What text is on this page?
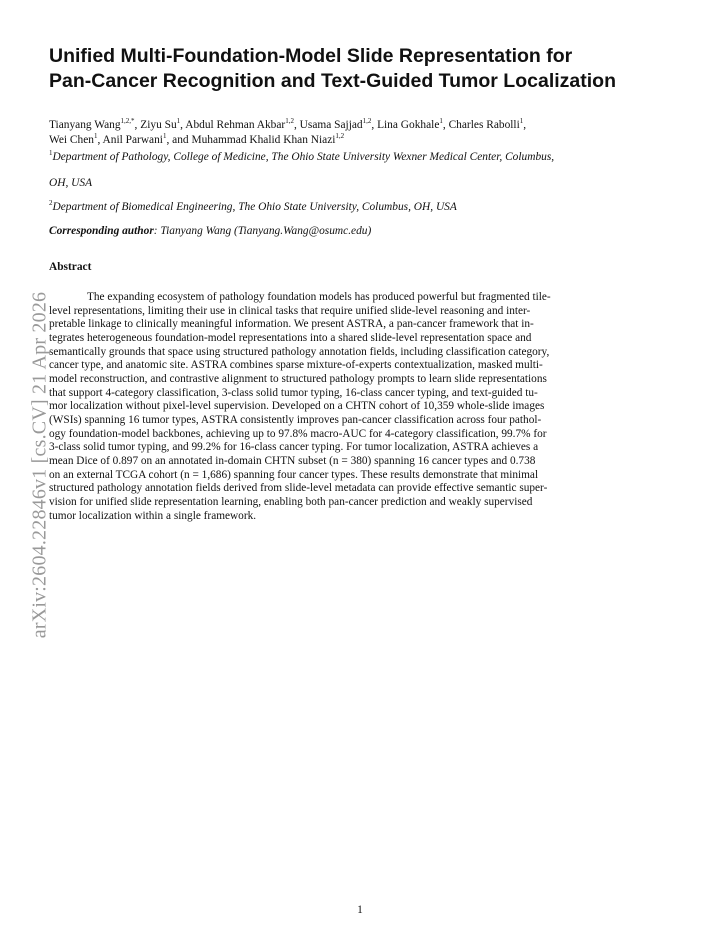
Unified Multi-Foundation-Model Slide Representation for
Pan-Cancer Recognition and Text-Guided Tumor Localization
Tianyang Wang$^{1,2,*}$, Ziyu Su$^1$, Abdul Rehman Akbar$^{1,2}$, Usama Sajjad$^{1,2}$, Lina Gokhale$^1$, Charles Rabolli$^1$,
Wei Chen$^1$, Anil Parwani$^1$, and Muhammad Khalid Khan Niazi$^{1,2}$
$^1$Department of Pathology, College of Medicine, The Ohio State University Wexner Medical Center, Columbus,
OH, USA
$^2$Department of Biomedical Engineering, The Ohio State University, Columbus, OH, USA
Corresponding author: Tianyang Wang (Tianyang.Wang@osumc.edu)
Abstract
The expanding ecosystem of pathology foundation models has produced powerful but fragmented tile-
level representations, limiting their use in clinical tasks that require unified slide-level reasoning and inter-
pretable linkage to clinically meaningful information. We present ASTRA, a pan-cancer framework that in-
tegrates heterogeneous foundation-model representations into a shared slide-level representation space and
semantically grounds that space using structured pathology annotation fields, including classification category,
cancer type, and anatomic site. ASTRA combines sparse mixture-of-experts contextualization, masked multi-
model reconstruction, and contrastive alignment to structured pathology prompts to learn slide representations
that support 4-category classification, 3-class solid tumor typing, 16-class cancer typing, and text-guided tu-
mor localization without pixel-level supervision. Developed on a CHTN cohort of 10,359 whole-slide images
(WSIs) spanning 16 tumor types, ASTRA consistently improves pan-cancer classification across four pathol-
ogy foundation-model backbones, achieving up to 97.8% macro-AUC for 4-category classification, 99.7% for
3-class solid tumor typing, and 99.2% for 16-class cancer typing. For tumor localization, ASTRA achieves a
mean Dice of 0.897 on an annotated in-domain CHTN subset (n = 380) spanning 16 cancer types and 0.738
on an external TCGA cohort (n = 1,686) spanning four cancer types. These results demonstrate that minimal
structured pathology annotation fields derived from slide-level metadata can provide effective semantic super-
vision for unified slide representation learning, enabling both pan-cancer prediction and weakly supervised
tumor localization within a single framework.
arXiv:2604.22846v1 [cs.CV] 21 Apr 2026
1
